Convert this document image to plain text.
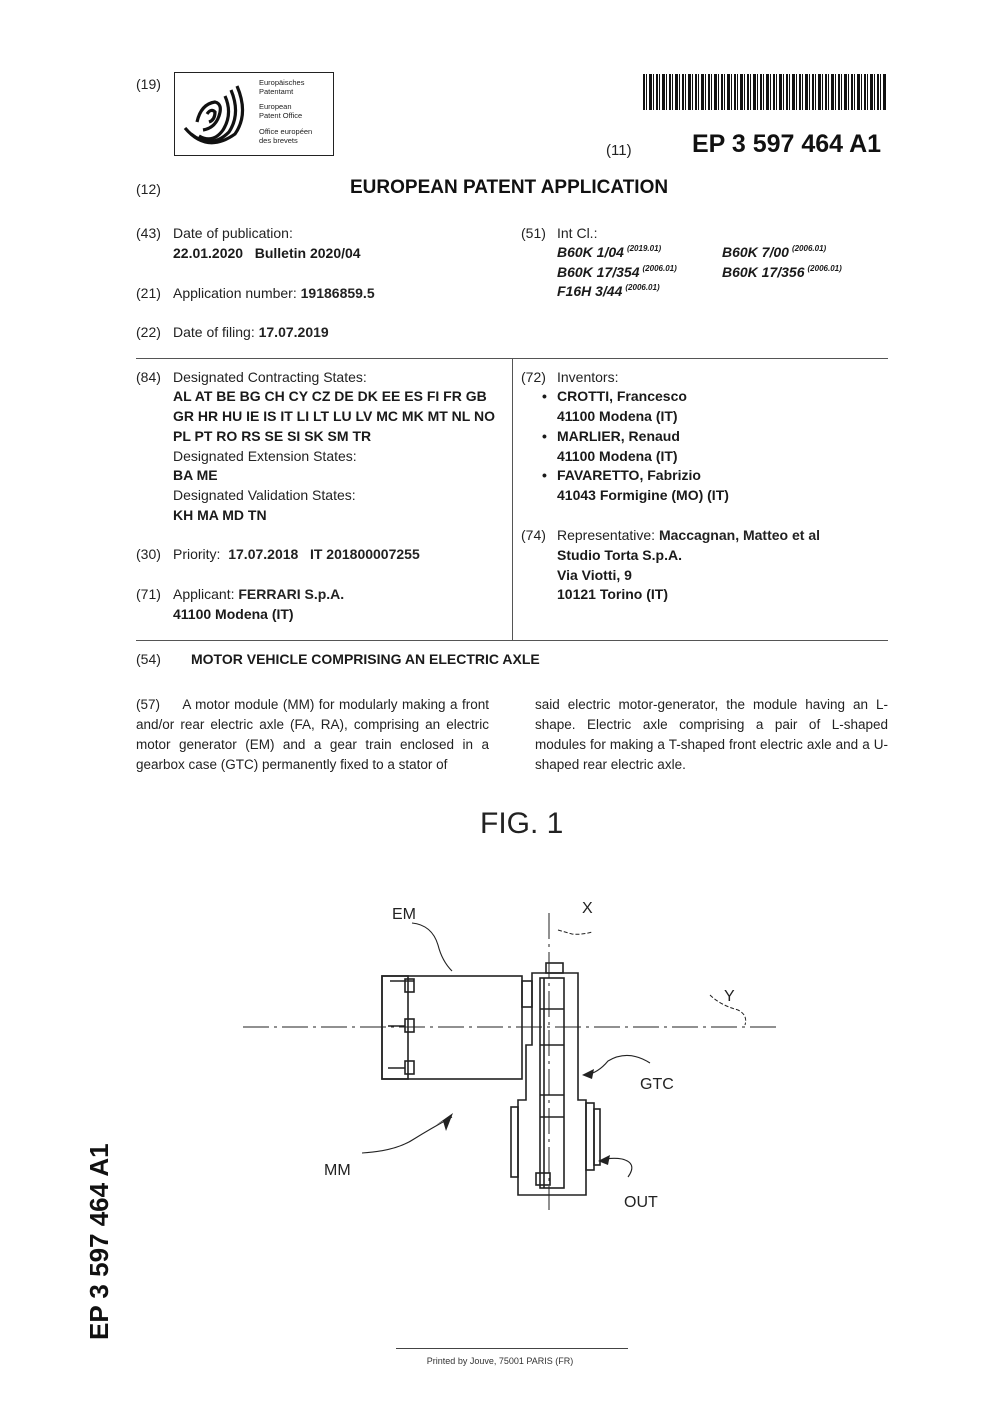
(19)	Europäisches
Patentamt
European
Patent Office
Office européen
des brevets
(11) EP 3 597 464 A1
(12)	EUROPEAN PATENT APPLICATION
(43) Date of publication:
22.01.2020   Bulletin 2020/04
(21) Application number: 19186859.5
(22) Date of filing: 17.07.2019
(51) Int Cl.:
B60K 1/04 $^{(2019.01)}$	B60K 7/00 $^{(2006.01)}$
B60K 17/354 $^{(2006.01)}$	B60K 17/356 $^{(2006.01)}$
F16H 3/44 $^{(2006.01)}$
(84) Designated Contracting States:
AL AT BE BG CH CY CZ DE DK EE ES FI FR GB
GR HR HU IE IS IT LI LT LU LV MC MK MT NL NO
PL PT RO RS SE SI SK SM TR
Designated Extension States:
BA ME
Designated Validation States:
KH MA MD TN
(30) Priority: 17.07.2018   IT 201800007255
(71) Applicant: FERRARI S.p.A.
41100 Modena (IT)
(72) Inventors:
• CROTTI, Francesco
41100 Modena (IT)
• MARLIER, Renaud
41100 Modena (IT)
• FAVARETTO, Fabrizio
41043 Formigine (MO) (IT)
(74) Representative: Maccagnan, Matteo et al
Studio Torta S.p.A.
Via Viotti, 9
10121 Torino (IT)
(54) MOTOR VEHICLE COMPRISING AN ELECTRIC AXLE
(57) A motor module (MM) for modularly making a front and/or rear electric axle (FA, RA), comprising an electric motor generator (EM) and a gear train enclosed in a gearbox case (GTC) permanently fixed to a stator of
said electric motor-generator, the module having an L-shape. Electric axle comprising a pair of L-shaped modules for making a T-shaped front electric axle and a U-shaped rear electric axle.
FIG. 1
EM	X
Y
GTC
MM
OUT
EP 3 597 464 A1
Printed by Jouve, 75001 PARIS (FR)
